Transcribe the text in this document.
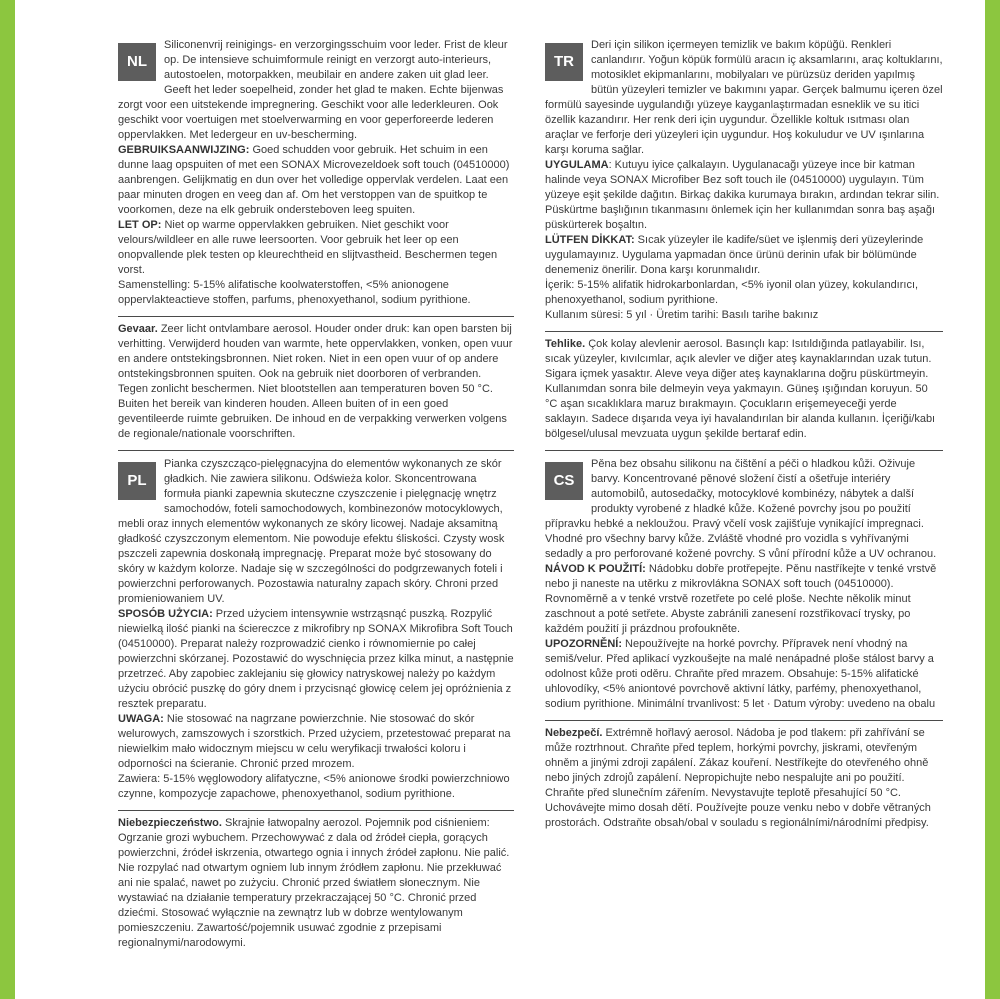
NL

Siliconenvrij reinigings- en verzorgingsschuim voor leder. Frist de kleur op. De intensieve schuimformule reinigt en verzorgt auto-interieurs, autostoelen, motorpakken, meubilair en andere zaken uit glad leer. Geeft het leder soepelheid, zonder het glad te maken. Echte bijenwas zorgt voor een uitstekende impregnering. Geschikt voor alle lederkleuren. Ook geschikt voor voertuigen met stoelverwarming en voor geperforeerde lederen oppervlakken. Met ledergeur en uv-bescherming.

GEBRUIKSAANWIJZING: Goed schudden voor gebruik. Het schuim in een dunne laag opspuiten of met een SONAX Microvezeldoek soft touch (04510000) aanbrengen. Gelijkmatig en dun over het volledige oppervlak verdelen. Laat een paar minuten drogen en veeg dan af. Om het verstoppen van de spuitkop te voorkomen, deze na elk gebruik ondersteboven leeg spuiten.

LET OP: Niet op warme oppervlakken gebruiken. Niet geschikt voor velours/wildleer en alle ruwe leersoorten. Voor gebruik het leer op een onopvallende plek testen op kleurechtheid en slijtvastheid. Beschermen tegen vorst.

Samenstelling: 5-15% alifatische koolwaterstoffen, <5% anionogene oppervlakteactieve stoffen, parfums, phenoxyethanol, sodium pyrithione.

Gevaar. Zeer licht ontvlambare aerosol. Houder onder druk: kan open barsten bij verhitting. Verwijderd houden van warmte, hete oppervlakken, vonken, open vuur en andere ontstekingsbronnen. Niet roken. Niet in een open vuur of op andere ontstekingsbronnen spuiten. Ook na gebruik niet doorboren of verbranden. Tegen zonlicht beschermen. Niet blootstellen aan temperaturen boven 50 °C. Buiten het bereik van kinderen houden. Alleen buiten of in een goed geventileerde ruimte gebruiken. De inhoud en de verpakking verwerken volgens de regionale/nationale voorschriften.

PL

Pianka czyszcząco-pielęgnacyjna do elementów wykonanych ze skór gładkich. Nie zawiera silikonu. Odświeża kolor. Skoncentrowana formuła pianki zapewnia skuteczne czyszczenie i pielęgnację wnętrz samochodów, foteli samochodowych, kombinezonów motocyklowych, mebli oraz innych elementów wykonanych ze skóry licowej. Nadaje aksamitną gładkość czyszczonym elementom. Nie powoduje efektu śliskości. Czysty wosk pszczeli zapewnia doskonałą impregnację. Preparat może być stosowany do skóry w każdym kolorze. Nadaje się w szczególności do podgrzewanych foteli i powierzchni perforowanych. Pozostawia naturalny zapach skóry. Chroni przed promieniowaniem UV.

SPOSÓB UŻYCIA: Przed użyciem intensywnie wstrząsnąć puszką. Rozpylić niewielką ilość pianki na ściereczce z mikrofibry np SONAX Mikrofibra Soft Touch (04510000). Preparat należy rozprowadzić cienko i równomiernie po całej powierzchni skórzanej. Pozostawić do wyschnięcia przez kilka minut, a następnie przetrzeć. Aby zapobiec zaklejaniu się głowicy natryskowej należy po każdym użyciu obrócić puszkę do góry dnem i przycisnąć głowicę celem jej opróżnienia z resztek preparatu.

UWAGA: Nie stosować na nagrzane powierzchnie. Nie stosować do skór welurowych, zamszowych i szorstkich. Przed użyciem, przetestować preparat na niewielkim mało widocznym miejscu w celu weryfikacji trwałości koloru i odporności na ścieranie. Chronić przed mrozem.

Zawiera: 5-15% węglowodory alifatyczne, <5% anionowe środki powierzchniowo czynne, kompozycje zapachowe, phenoxyethanol, sodium pyrithione.

Niebezpieczeństwo. Skrajnie łatwopalny aerozol. Pojemnik pod ciśnieniem: Ogrzanie grozi wybuchem. Przechowywać z dala od źródeł ciepła, gorących powierzchni, źródeł iskrzenia, otwartego ognia i innych źródeł zapłonu. Nie palić. Nie rozpylać nad otwartym ogniem lub innym źródłem zapłonu. Nie przekłuwać ani nie spalać, nawet po zużyciu. Chronić przed światłem słonecznym. Nie wystawiać na działanie temperatury przekraczającej 50 °C. Chronić przed dziećmi. Stosować wyłącznie na zewnątrz lub w dobrze wentylowanym pomieszczeniu. Zawartość/pojemnik usuwać zgodnie z przepisami regionalnymi/narodowymi.

TR

Deri için silikon içermeyen temizlik ve bakım köpüğü. Renkleri canlandırır. Yoğun köpük formülü aracın iç aksamlarını, araç koltuklarını, motosiklet ekipmanlarını, mobilyaları ve pürüzsüz deriden yapılmış bütün yüzeyleri temizler ve bakımını yapar. Gerçek balmumu içeren özel formülü sayesinde uygulandığı yüzeye kayganlaştırmadan esneklik ve su itici özellik kazandırır. Her renk deri için uygundur. Özellikle koltuk ısıtması olan araçlar ve ferforje deri yüzeyleri için uygundur. Hoş kokuludur ve UV ışınlarına karşı koruma sağlar.

UYGULAMA: Kutuyu iyice çalkalayın. Uygulanacağı yüzeye ince bir katman halinde veya SONAX Microfiber Bez soft touch ile (04510000) uygulayın. Tüm yüzeye eşit şekilde dağıtın. Birkaç dakika kurumaya bırakın, ardından tekrar silin. Püskürtme başlığının tıkanmasını önlemek için her kullanımdan sonra baş aşağı püskürterek boşaltın.

LÜTFEN DİKKAT: Sıcak yüzeyler ile kadife/süet ve işlenmiş deri yüzeylerinde uygulamayınız. Uygulama yapmadan önce ürünü derinin ufak bir bölümünde denemeniz önerilir. Dona karşı korunmalıdır.

İçerik: 5-15% alifatik hidrokarbonlardan, <5% iyonil olan yüzey, kokulandırıcı, phenoxyethanol, sodium pyrithione.

Kullanım süresi: 5 yıl · Üretim tarihi: Basılı tarihe bakınız

Tehlike. Çok kolay alevlenir aerosol. Basınçlı kap: Isıtıldığında patlayabilir. Isı, sıcak yüzeyler, kıvılcımlar, açık alevler ve diğer ateş kaynaklarından uzak tutun. Sigara içmek yasaktır. Aleve veya diğer ateş kaynaklarına doğru püskürtmeyin. Kullanımdan sonra bile delmeyin veya yakmayın. Güneş ışığından koruyun. 50 °C aşan sıcaklıklara maruz bırakmayın. Çocukların erişemeyeceği yerde saklayın. Sadece dışarıda veya iyi havalandırılan bir alanda kullanın. İçeriği/kabı bölgesel/ulusal mevzuata uygun şekilde bertaraf edin.

CS

Pěna bez obsahu silikonu na čištění a péči o hladkou kůži. Oživuje barvy. Koncentrované pěnové složení čistí a ošetřuje interiéry automobilů, autosedačky, motocyklové kombinézy, nábytek a další produkty vyrobené z hladké kůže. Kožené povrchy jsou po použití přípravku hebké a nekloužou. Pravý včelí vosk zajišťuje vynikající impregnaci. Vhodné pro všechny barvy kůže. Zvláště vhodné pro vozidla s vyhřívanými sedadly a pro perforované kožené povrchy. S vůní přírodní kůže a UV ochranou.

NÁVOD K POUŽITÍ: Nádobku dobře protřepejte. Pěnu nastříkejte v tenké vrstvě nebo ji naneste na utěrku z mikrovlákna SONAX soft touch (04510000). Rovnoměrně a v tenké vrstvě rozetřete po celé ploše. Nechte několik minut zaschnout a poté setřete. Abyste zabránili zanesení rozstřikovací trysky, po každém použití ji prázdnou profoukněte.

UPOZORNĚNÍ: Nepoužívejte na horké povrchy. Přípravek není vhodný na semiš/velur. Před aplikací vyzkoušejte na malé nenápadné ploše stálost barvy a odolnost kůže proti oděru. Chraňte před mrazem. Obsahuje: 5-15% alifatické uhlovodíky, <5% aniontové povrchově aktivní látky, parfémy, phenoxyethanol, sodium pyrithione. Minimální trvanlivost: 5 let · Datum výroby: uvedeno na obalu

Nebezpečí. Extrémně hořlavý aerosol. Nádoba je pod tlakem: při zahřívání se může roztrhnout. Chraňte před teplem, horkými povrchy, jiskrami, otevřeným ohněm a jinými zdroji zapálení. Zákaz kouření. Nestříkejte do otevřeného ohně nebo jiných zdrojů zapálení. Nepropichujte nebo nespalujte ani po použití. Chraňte před slunečním zářením. Nevystavujte teplotě přesahující 50 °C. Uchovávejte mimo dosah dětí. Používejte pouze venku nebo v dobře větraných prostorách. Odstraňte obsah/obal v souladu s regionálními/národními předpisy.
